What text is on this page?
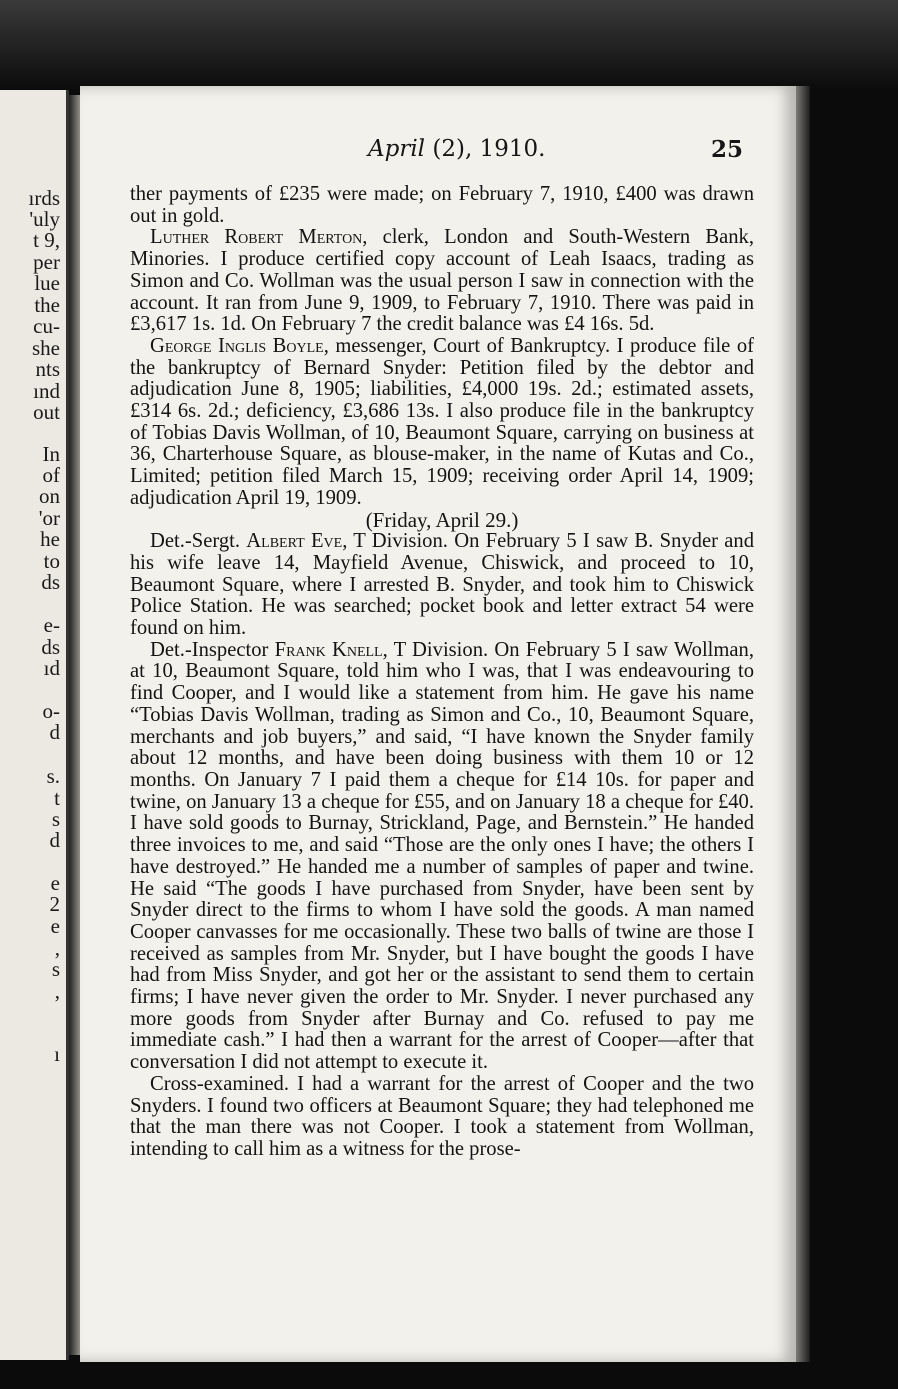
ırds
'uly
t 9,
per
lue
the
cu-
she
nts
ınd
out
In
of
on
'or
he
to
ds
e-
ds
ıd
o-
d
s.
t
s
d
e
2
e
,
s
,
ı
April (2), 1910.	25

ther payments of £235 were made; on February 7, 1910, £400 was drawn out in gold.

Luther Robert Merton, clerk, London and South-Western Bank, Minories. I produce certified copy account of Leah Isaacs, trading as Simon and Co. Wollman was the usual person I saw in connection with the account. It ran from June 9, 1909, to February 7, 1910. There was paid in £3,617 1s. 1d. On February 7 the credit balance was £4 16s. 5d.

George Inglis Boyle, messenger, Court of Bankruptcy. I produce file of the bankruptcy of Bernard Snyder: Petition filed by the debtor and adjudication June 8, 1905; liabilities, £4,000 19s. 2d.; estimated assets, £314 6s. 2d.; deficiency, £3,686 13s. I also produce file in the bankruptcy of Tobias Davis Wollman, of 10, Beaumont Square, carrying on business at 36, Charterhouse Square, as blouse-maker, in the name of Kutas and Co., Limited; petition filed March 15, 1909; receiving order April 14, 1909; adjudication April 19, 1909.

(Friday, April 29.)

Det.-Sergt. Albert Eve, T Division. On February 5 I saw B. Snyder and his wife leave 14, Mayfield Avenue, Chiswick, and proceed to 10, Beaumont Square, where I arrested B. Snyder, and took him to Chiswick Police Station. He was searched; pocket book and letter extract 54 were found on him.

Det.-Inspector Frank Knell, T Division. On February 5 I saw Wollman, at 10, Beaumont Square, told him who I was, that I was endeavouring to find Cooper, and I would like a statement from him. He gave his name “Tobias Davis Wollman, trading as Simon and Co., 10, Beaumont Square, merchants and job buyers,” and said, “I have known the Snyder family about 12 months, and have been doing business with them 10 or 12 months. On January 7 I paid them a cheque for £14 10s. for paper and twine, on January 13 a cheque for £55, and on January 18 a cheque for £40. I have sold goods to Burnay, Strickland, Page, and Bernstein.” He handed three invoices to me, and said “Those are the only ones I have; the others I have destroyed.” He handed me a number of samples of paper and twine. He said “The goods I have purchased from Snyder, have been sent by Snyder direct to the firms to whom I have sold the goods. A man named Cooper canvasses for me occasionally. These two balls of twine are those I received as samples from Mr. Snyder, but I have bought the goods I have had from Miss Snyder, and got her or the assistant to send them to certain firms; I have never given the order to Mr. Snyder. I never purchased any more goods from Snyder after Burnay and Co. refused to pay me immediate cash.” I had then a warrant for the arrest of Cooper—after that conversation I did not attempt to execute it.

Cross-examined. I had a warrant for the arrest of Cooper and the two Snyders. I found two officers at Beaumont Square; they had telephoned me that the man there was not Cooper. I took a statement from Wollman, intending to call him as a witness for the prose-
